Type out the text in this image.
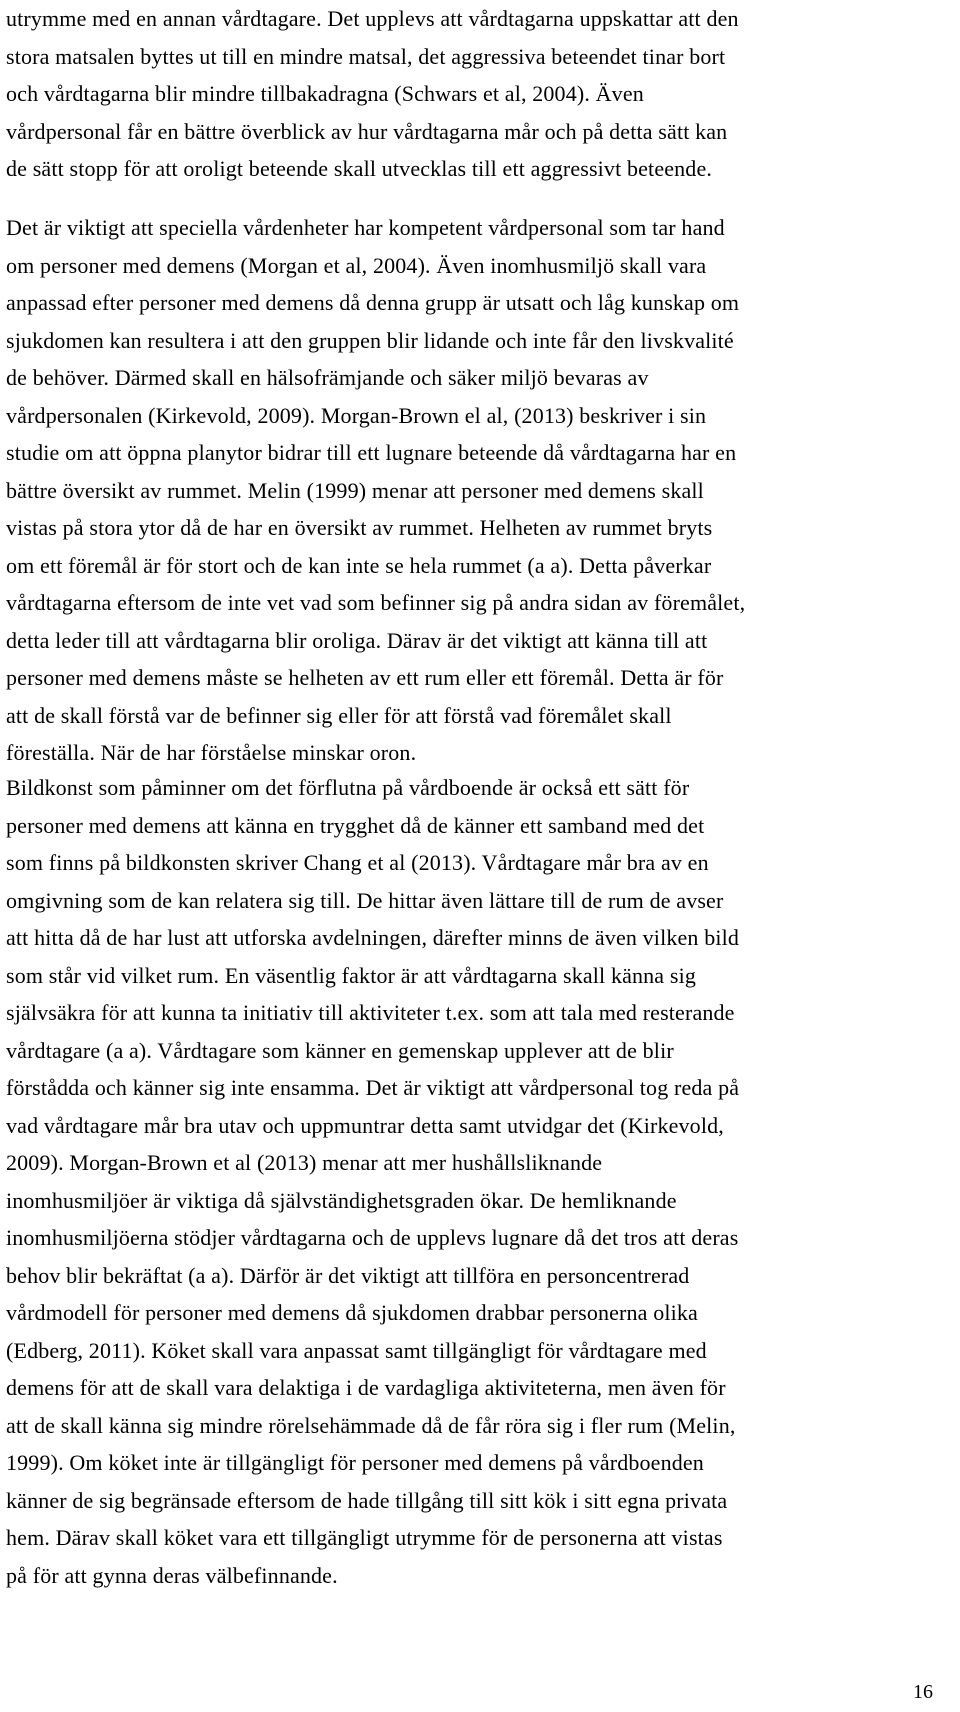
utrymme med en annan vårdtagare. Det upplevs att vårdtagarna uppskattar att den
stora matsalen byttes ut till en mindre matsal, det aggressiva beteendet tinar bort
och vårdtagarna blir mindre tillbakadragna (Schwars et al, 2004). Även
vårdpersonal får en bättre överblick av hur vårdtagarna mår och på detta sätt kan
de sätt stopp för att oroligt beteende skall utvecklas till ett aggressivt beteende.
Det är viktigt att speciella vårdenheter har kompetent vårdpersonal som tar hand
om personer med demens (Morgan et al, 2004). Även inomhusmiljö skall vara
anpassad efter personer med demens då denna grupp är utsatt och låg kunskap om
sjukdomen kan resultera i att den gruppen blir lidande och inte får den livskvalité
de behöver. Därmed skall en hälsofrämjande och säker miljö bevaras av
vårdpersonalen (Kirkevold, 2009). Morgan-Brown el al, (2013) beskriver i sin
studie om att öppna planytor bidrar till ett lugnare beteende då vårdtagarna har en
bättre översikt av rummet. Melin (1999) menar att personer med demens skall
vistas på stora ytor då de har en översikt av rummet. Helheten av rummet bryts
om ett föremål är för stort och de kan inte se hela rummet (a a). Detta påverkar
vårdtagarna eftersom de inte vet vad som befinner sig på andra sidan av föremålet,
detta leder till att vårdtagarna blir oroliga. Därav är det viktigt att känna till att
personer med demens måste se helheten av ett rum eller ett föremål. Detta är för
att de skall förstå var de befinner sig eller för att förstå vad föremålet skall
föreställa. När de har förståelse minskar oron.
Bildkonst som påminner om det förflutna på vårdboende är också ett sätt för
personer med demens att känna en trygghet då de känner ett samband med det
som finns på bildkonsten skriver Chang et al (2013). Vårdtagare mår bra av en
omgivning som de kan relatera sig till. De hittar även lättare till de rum de avser
att hitta då de har lust att utforska avdelningen, därefter minns de även vilken bild
som står vid vilket rum. En väsentlig faktor är att vårdtagarna skall känna sig
självsäkra för att kunna ta initiativ till aktiviteter t.ex. som att tala med resterande
vårdtagare (a a). Vårdtagare som känner en gemenskap upplever att de blir
förstådda och känner sig inte ensamma. Det är viktigt att vårdpersonal tog reda på
vad vårdtagare mår bra utav och uppmuntrar detta samt utvidgar det (Kirkevold,
2009). Morgan-Brown et al (2013) menar att mer hushållsliknande
inomhusmiljöer är viktiga då självständighetsgraden ökar. De hemliknande
inomhusmiljöerna stödjer vårdtagarna och de upplevs lugnare då det tros att deras
behov blir bekräftat (a a). Därför är det viktigt att tillföra en personcentrerad
vårdmodell för personer med demens då sjukdomen drabbar personerna olika
(Edberg, 2011). Köket skall vara anpassat samt tillgängligt för vårdtagare med
demens för att de skall vara delaktiga i de vardagliga aktiviteterna, men även för
att de skall känna sig mindre rörelsehämmade då de får röra sig i fler rum (Melin,
1999). Om köket inte är tillgängligt för personer med demens på vårdboenden
känner de sig begränsade eftersom de hade tillgång till sitt kök i sitt egna privata
hem. Därav skall köket vara ett tillgängligt utrymme för de personerna att vistas
på för att gynna deras välbefinnande.
16
